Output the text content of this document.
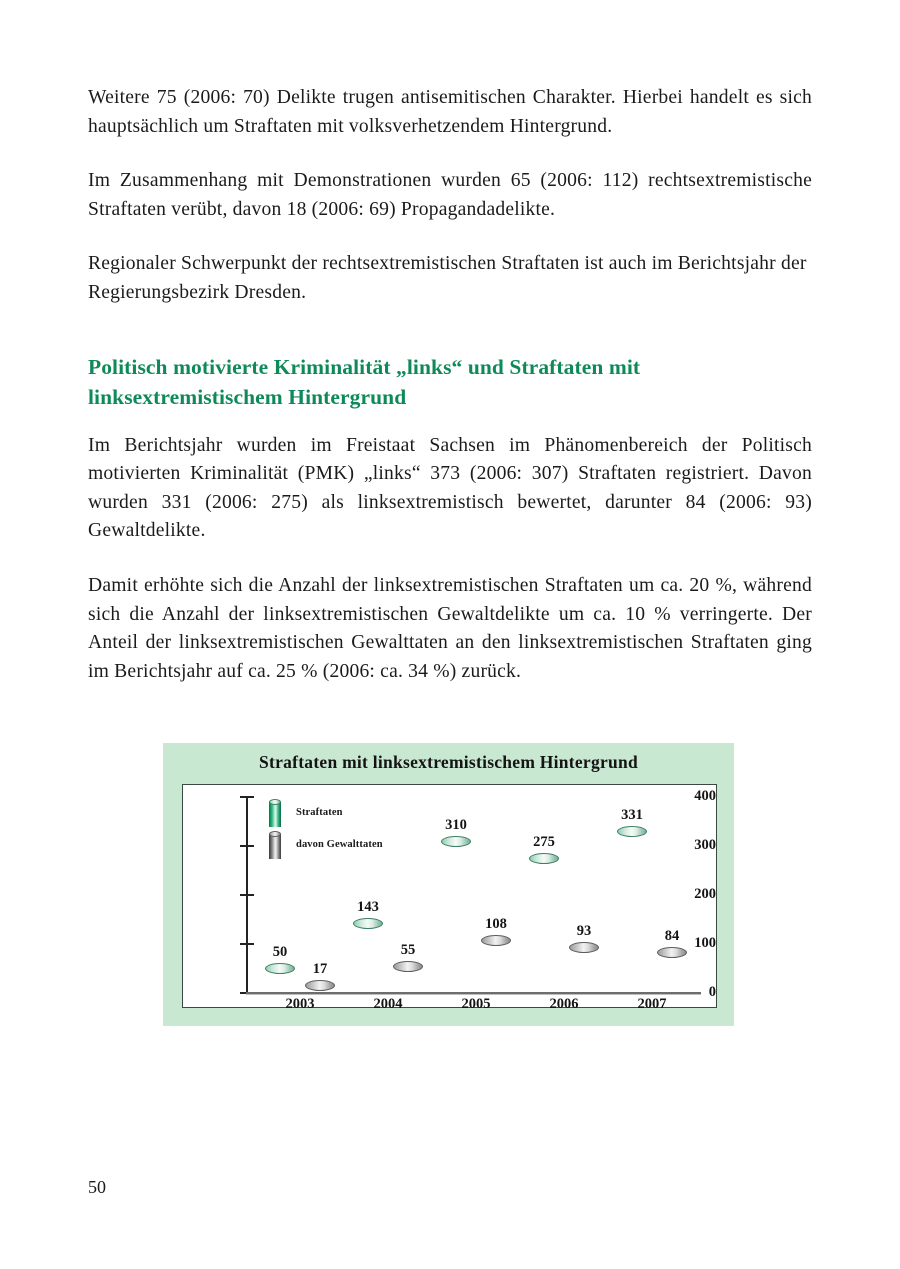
Weitere 75 (2006: 70) Delikte trugen antisemitischen Charakter. Hierbei handelt es sich hauptsächlich um Straftaten mit volksverhetzendem Hintergrund.

Im Zusammenhang mit Demonstrationen wurden 65 (2006: 112) rechtsextremistische Straftaten verübt, davon 18 (2006: 69) Propagandadelikte.

Regionaler Schwerpunkt der rechtsextremistischen Straftaten ist auch im Berichtsjahr der Regierungsbezirk Dresden.

Politisch motivierte Kriminalität „links“ und Straftaten mit linksextremistischem Hintergrund

Im Berichtsjahr wurden im Freistaat Sachsen im Phänomenbereich der Politisch motivierten Kriminalität (PMK) „links“ 373 (2006: 307) Straftaten registriert. Davon wurden 331 (2006: 275) als linksextremistisch bewertet, darunter 84 (2006: 93) Gewaltdelikte.

Damit erhöhte sich die Anzahl der linksextremistischen Straftaten um ca. 20 %, während sich die Anzahl der linksextremistischen Gewaltdelikte um ca. 10 % verringerte. Der Anteil der linksextremistischen Gewalttaten an den linksextremistischen Straftaten ging im Berichtsjahr auf ca. 25 % (2006: ca. 34 %) zurück.

Straftaten mit linksextremistischem Hintergrund
400
300
200
100
0
Straftaten
davon Gewalttaten
50
17
2003
143
55
2004
310
108
2005
275
93
2006
331
84
2007
50
